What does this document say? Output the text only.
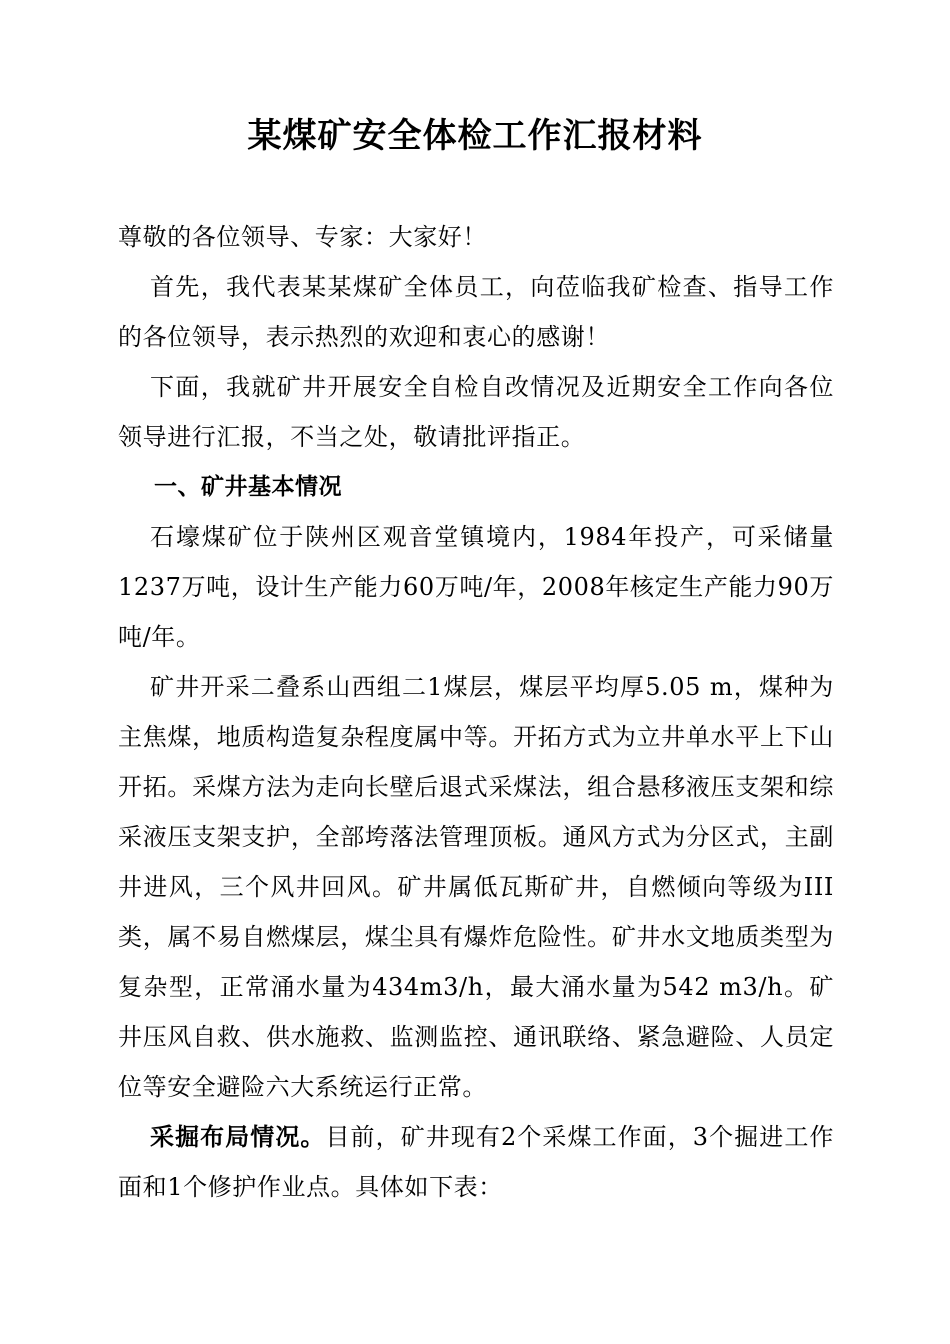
某煤矿安全体检工作汇报材料

尊敬的各位领导、专家：大家好！

首先，我代表某某煤矿全体员工，向莅临我矿检查、指导工作的各位领导，表示热烈的欢迎和衷心的感谢！

下面，我就矿井开展安全自检自改情况及近期安全工作向各位领导进行汇报，不当之处，敬请批评指正。

一、矿井基本情况

石壕煤矿位于陕州区观音堂镇境内，1984年投产，可采储量1237万吨，设计生产能力60万吨/年，2008年核定生产能力90万吨/年。

矿井开采二叠系山西组二1煤层，煤层平均厚5.05 m，煤种为主焦煤，地质构造复杂程度属中等。开拓方式为立井单水平上下山开拓。采煤方法为走向长壁后退式采煤法，组合悬移液压支架和综采液压支架支护，全部垮落法管理顶板。通风方式为分区式，主副井进风，三个风井回风。矿井属低瓦斯矿井，自燃倾向等级为III类，属不易自燃煤层，煤尘具有爆炸危险性。矿井水文地质类型为复杂型，正常涌水量为434m3/h，最大涌水量为542 m3/h。矿井压风自救、供水施救、监测监控、通讯联络、紧急避险、人员定位等安全避险六大系统运行正常。

采掘布局情况。目前，矿井现有2个采煤工作面，3个掘进工作面和1个修护作业点。具体如下表：
